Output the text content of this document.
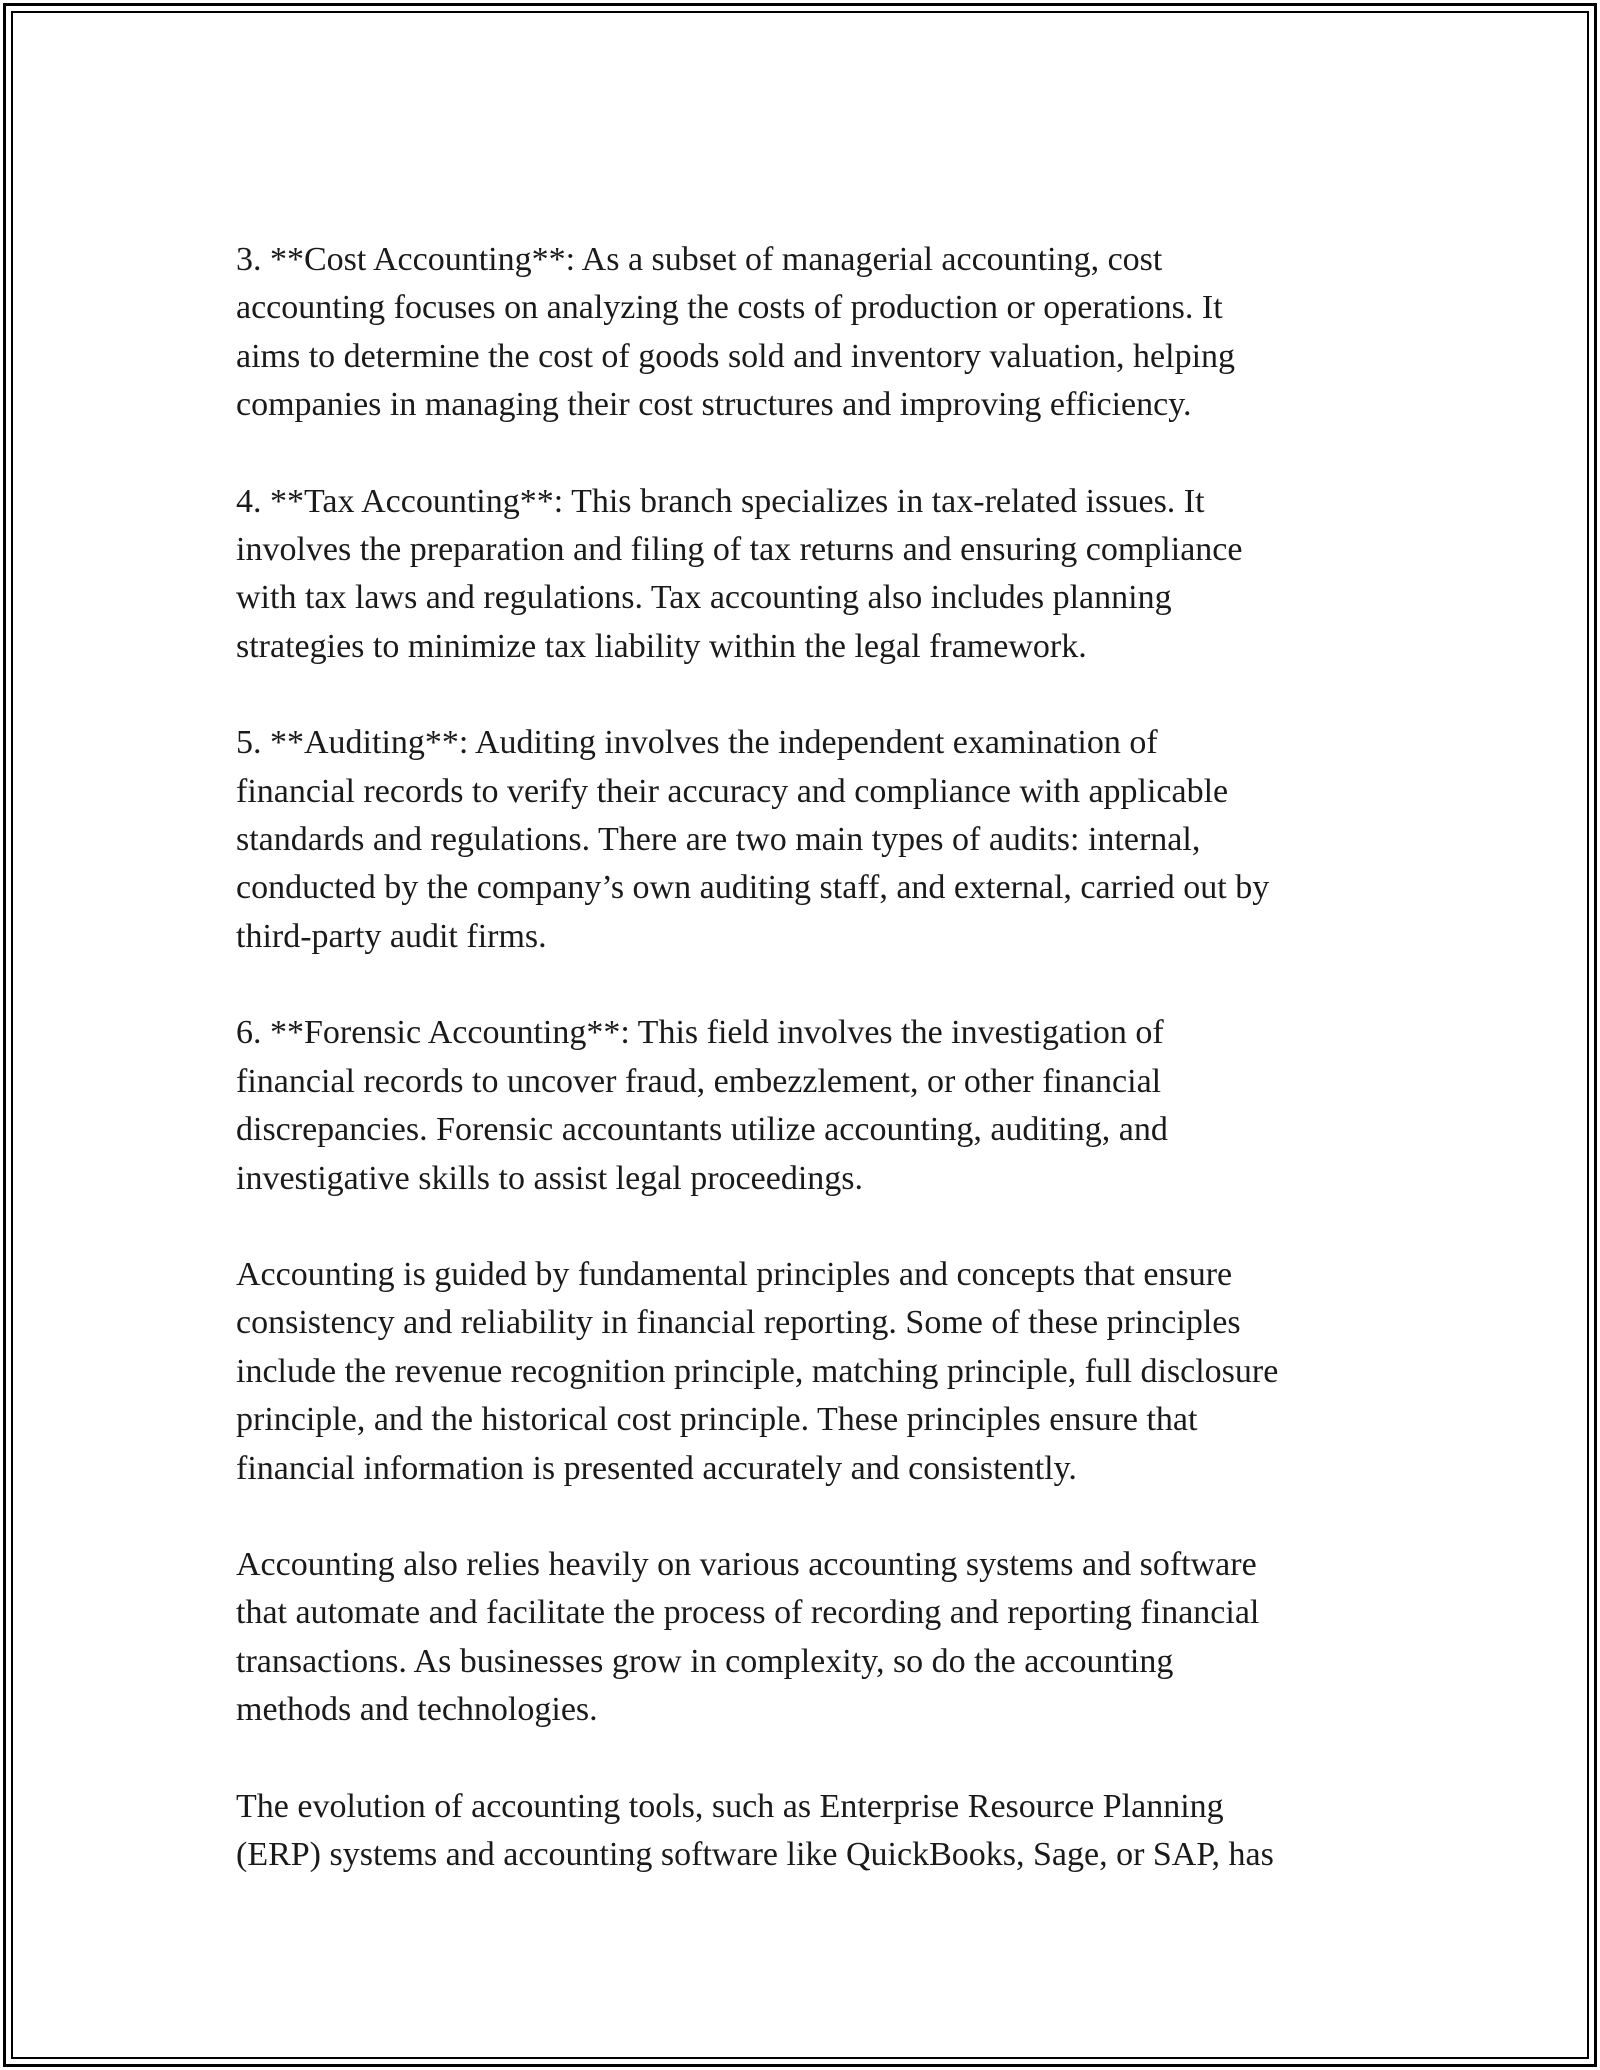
3. **Cost Accounting**: As a subset of managerial accounting, cost
accounting focuses on analyzing the costs of production or operations. It
aims to determine the cost of goods sold and inventory valuation, helping
companies in managing their cost structures and improving efficiency.

4. **Tax Accounting**: This branch specializes in tax-related issues. It
involves the preparation and filing of tax returns and ensuring compliance
with tax laws and regulations. Tax accounting also includes planning
strategies to minimize tax liability within the legal framework.

5. **Auditing**: Auditing involves the independent examination of
financial records to verify their accuracy and compliance with applicable
standards and regulations. There are two main types of audits: internal,
conducted by the company’s own auditing staff, and external, carried out by
third-party audit firms.

6. **Forensic Accounting**: This field involves the investigation of
financial records to uncover fraud, embezzlement, or other financial
discrepancies. Forensic accountants utilize accounting, auditing, and
investigative skills to assist legal proceedings.

Accounting is guided by fundamental principles and concepts that ensure
consistency and reliability in financial reporting. Some of these principles
include the revenue recognition principle, matching principle, full disclosure
principle, and the historical cost principle. These principles ensure that
financial information is presented accurately and consistently.

Accounting also relies heavily on various accounting systems and software
that automate and facilitate the process of recording and reporting financial
transactions. As businesses grow in complexity, so do the accounting
methods and technologies.

The evolution of accounting tools, such as Enterprise Resource Planning
(ERP) systems and accounting software like QuickBooks, Sage, or SAP, has
